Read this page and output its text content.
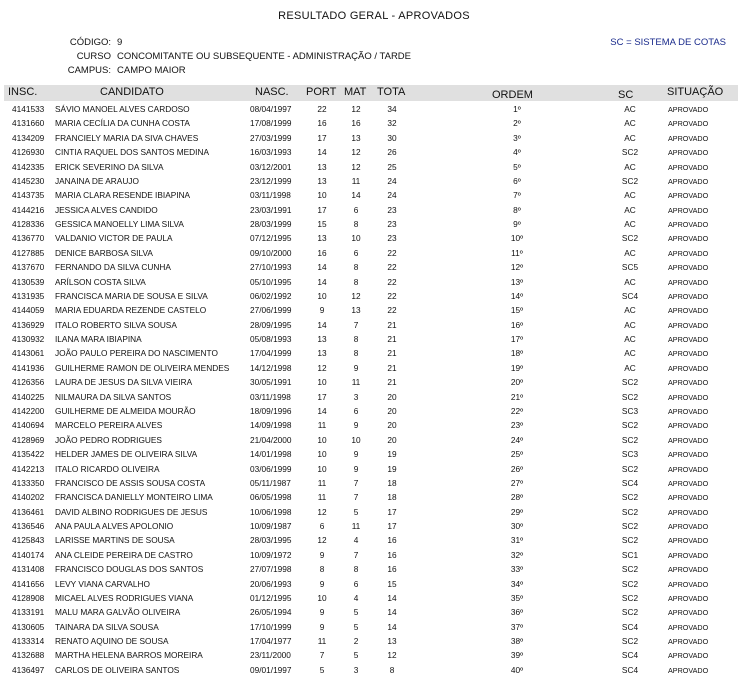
RESULTADO GERAL - APROVADOS
CÓDIGO: 9
CURSO CONCOMITANTE OU SUBSEQUENTE - ADMINISTRAÇÃO / TARDE
CAMPUS: CAMPO MAIOR
SC = SISTEMA DE COTAS
INSC.	CANDIDATO	NASC. PORT MAT TOTA	ORDEM	SC	SITUAÇÃO
4141533 SÁVIO MANOEL ALVES CARDOSO	08/04/1997	22	12	34	1º	AC	APROVADO
4131660 MARIA CECÍLIA DA CUNHA COSTA	17/08/1999	16	16	32	2º	AC	APROVADO
4134209 FRANCIELY MARIA DA SIVA CHAVES	27/03/1999	17	13	30	3º	AC	APROVADO
4126930 CINTIA RAQUEL DOS SANTOS MEDINA	16/03/1993	14	12	26	4º	SC2	APROVADO
4142335 ERICK SEVERINO DA SILVA	03/12/2001	13	12	25	5º	AC	APROVADO
4145230 JANAINA DE ARAUJO	23/12/1999	13	11	24	6º	SC2	APROVADO
4143735 MARIA CLARA RESENDE IBIAPINA	03/11/1998	10	14	24	7º	AC	APROVADO
4144216 JESSICA ALVES CANDIDO	23/03/1991	17	6	23	8º	AC	APROVADO
4128336 GESSICA MANOELLY LIMA SILVA	28/03/1999	15	8	23	9º	AC	APROVADO
4136770 VALDANIO VICTOR DE PAULA	07/12/1995	13	10	23	10º	SC2	APROVADO
4127885 DENICE BARBOSA SILVA	09/10/2000	16	6	22	11º	AC	APROVADO
4137670 FERNANDO DA SILVA CUNHA	27/10/1993	14	8	22	12º	SC5	APROVADO
4130539 ARÍLSON COSTA SILVA	05/10/1995	14	8	22	13º	AC	APROVADO
4131935 FRANCISCA MARIA DE SOUSA E SILVA	06/02/1992	10	12	22	14º	SC4	APROVADO
4144059 MARIA EDUARDA REZENDE CASTELO	27/06/1999	9	13	22	15º	AC	APROVADO
4136929 ITALO ROBERTO SILVA SOUSA	28/09/1995	14	7	21	16º	AC	APROVADO
4130932 ILANA MARA IBIAPINA	05/08/1993	13	8	21	17º	AC	APROVADO
4143061 JOÃO PAULO PEREIRA DO NASCIMENTO	17/04/1999	13	8	21	18º	AC	APROVADO
4141936 GUILHERME RAMON DE OLIVEIRA MENDES 14/12/1998	12	9	21	19º	AC	APROVADO
4126356 LAURA DE JESUS DA SILVA VIEIRA	30/05/1991	10	11	21	20º	SC2	APROVADO
4140225 NILMAURA DA SILVA SANTOS	03/11/1998	17	3	20	21º	SC2	APROVADO
4142200 GUILHERME DE ALMEIDA MOURÃO	18/09/1996	14	6	20	22º	SC3	APROVADO
4140694 MARCELO PEREIRA ALVES	14/09/1998	11	9	20	23º	SC2	APROVADO
4128969 JOÃO PEDRO RODRIGUES	21/04/2000	10	10	20	24º	SC2	APROVADO
4135422 HELDER JAMES DE OLIVEIRA SILVA	14/01/1998	10	9	19	25º	SC3	APROVADO
4142213 ITALO RICARDO OLIVEIRA	03/06/1999	10	9	19	26º	SC2	APROVADO
4133350 FRANCISCO DE ASSIS SOUSA COSTA	05/11/1987	11	7	18	27º	SC4	APROVADO
4140202 FRANCISCA DANIELLY MONTEIRO LIMA	06/05/1998	11	7	18	28º	SC2	APROVADO
4136461 DAVID ALBINO RODRIGUES DE JESUS	10/06/1998	12	5	17	29º	SC2	APROVADO
4136546 ANA PAULA ALVES APOLONIO	10/09/1987	6	11	17	30º	SC2	APROVADO
4125843 LARISSE MARTINS DE SOUSA	28/03/1995	12	4	16	31º	SC2	APROVADO
4140174 ANA CLEIDE PEREIRA DE CASTRO	10/09/1972	9	7	16	32º	SC1	APROVADO
4131408 FRANCISCO DOUGLAS DOS SANTOS	27/07/1998	8	8	16	33º	SC2	APROVADO
4141656 LEVY VIANA CARVALHO	20/06/1993	9	6	15	34º	SC2	APROVADO
4128908 MICAEL ALVES RODRIGUES VIANA	01/12/1995	10	4	14	35º	SC2	APROVADO
4133191 MALU MARA GALVÃO OLIVEIRA	26/05/1994	9	5	14	36º	SC2	APROVADO
4130605 TAINARA DA SILVA SOUSA	17/10/1999	9	5	14	37º	SC4	APROVADO
4133314 RENATO AQUINO DE SOUSA	17/04/1977	11	2	13	38º	SC2	APROVADO
4132688 MARTHA HELENA BARROS MOREIRA	23/11/2000	7	5	12	39º	SC4	APROVADO
4136497 CARLOS DE OLIVEIRA SANTOS	09/01/1997	5	3	8	40º	SC4	APROVADO
